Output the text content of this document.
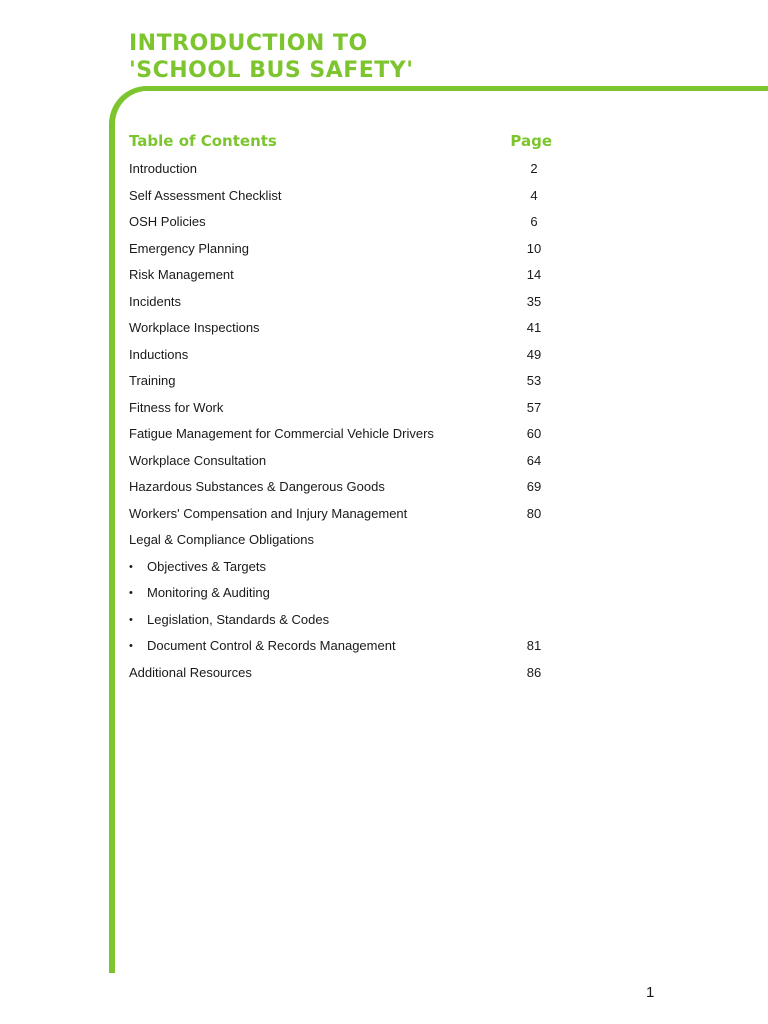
INTRODUCTION TO
'SCHOOL BUS SAFETY'
Table of Contents	Page
Introduction	2
Self Assessment Checklist	4
OSH Policies	6
Emergency Planning	10
Risk Management	14
Incidents	35
Workplace Inspections	41
Inductions	49
Training	53
Fitness for Work	57
Fatigue Management for Commercial Vehicle Drivers	60
Workplace Consultation	64
Hazardous Substances & Dangerous Goods	69
Workers' Compensation and Injury Management	80
Legal & Compliance Obligations
• Objectives & Targets
• Monitoring & Auditing
• Legislation, Standards & Codes
• Document Control & Records Management	81
Additional Resources	86
1
